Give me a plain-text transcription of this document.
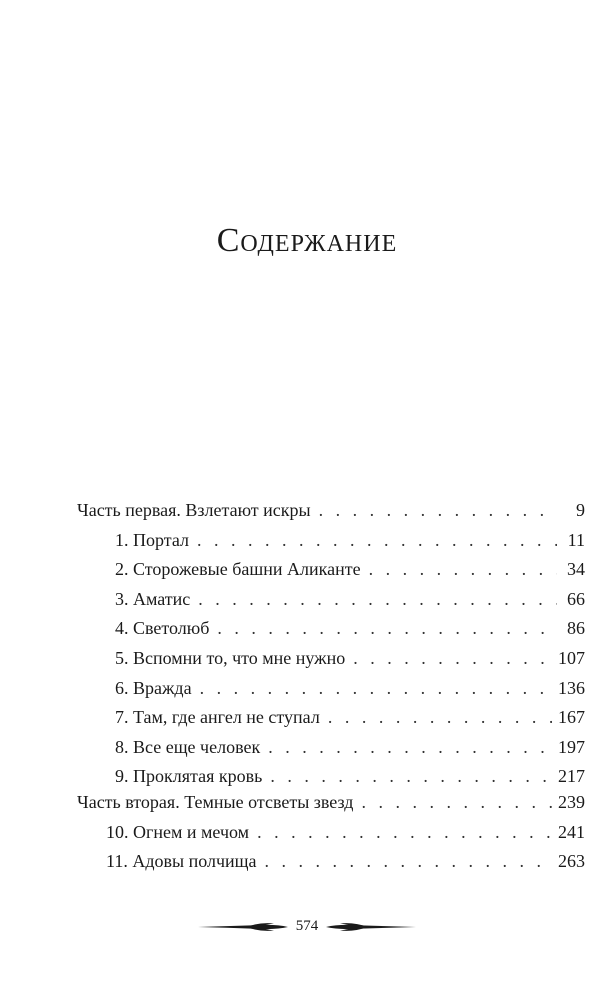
Содержание
Часть первая. Взлетают искры . . .	9
1. Портал . . .	11
2. Сторожевые башни Аликанте . . .	34
3. Аматис . . .	66
4. Светолюб . . .	86
5. Вспомни то, что мне нужно . . .	107
6. Вражда . . .	136
7. Там, где ангел не ступал . . .	167
8. Все еще человек . . .	197
9. Проклятая кровь . . .	217
Часть вторая. Темные отсветы звезд . . .	239
10. Огнем и мечом . . .	241
11. Адовы полчища . . .	263
574
